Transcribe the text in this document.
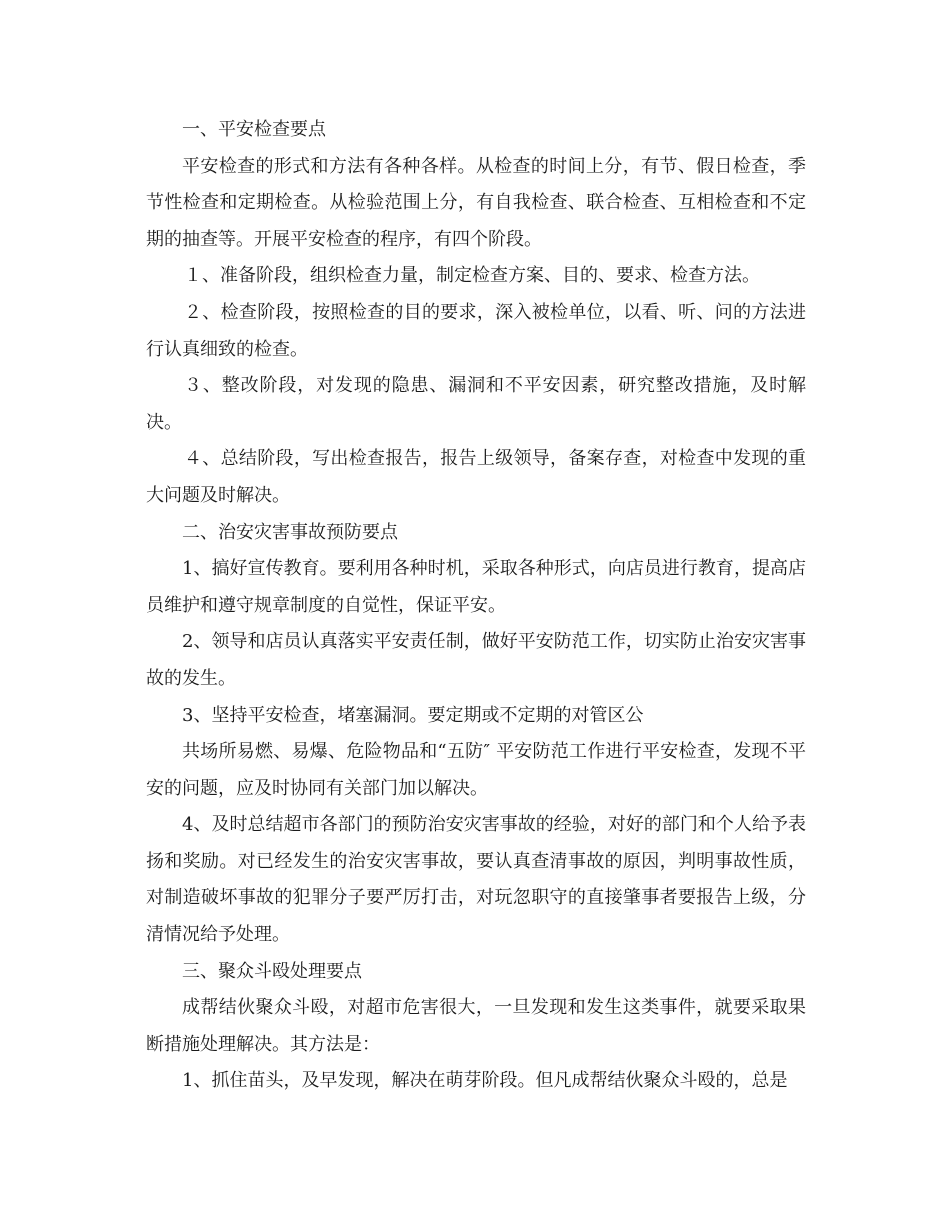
一、平安检查要点

平安检查的形式和方法有各种各样。从检查的时间上分，有节、假日检查，季节性检查和定期检查。从检验范围上分，有自我检查、联合检查、互相检查和不定期的抽查等。开展平安检查的程序，有四个阶段。

１、准备阶段，组织检查力量，制定检查方案、目的、要求、检查方法。

２、检查阶段，按照检查的目的要求，深入被检单位，以看、听、问的方法进行认真细致的检查。

３、整改阶段，对发现的隐患、漏洞和不平安因素，研究整改措施，及时解决。

４、总结阶段，写出检查报告，报告上级领导，备案存查，对检查中发现的重大问题及时解决。

二、治安灾害事故预防要点

1、搞好宣传教育。要利用各种时机，采取各种形式，向店员进行教育，提高店员维护和遵守规章制度的自觉性，保证平安。

2、领导和店员认真落实平安责任制，做好平安防范工作，切实防止治安灾害事故的发生。

3、坚持平安检查，堵塞漏洞。要定期或不定期的对管区公

共场所易燃、易爆、危险物品和“五防″ 平安防范工作进行平安检查，发现不平安的问题，应及时协同有关部门加以解决。

4、及时总结超市各部门的预防治安灾害事故的经验，对好的部门和个人给予表扬和奖励。对已经发生的治安灾害事故，要认真查清事故的原因，判明事故性质，对制造破坏事故的犯罪分子要严厉打击，对玩忽职守的直接肇事者要报告上级，分清情况给予处理。

三、聚众斗殴处理要点

成帮结伙聚众斗殴，对超市危害很大，一旦发现和发生这类事件，就要采取果断措施处理解决。其方法是：

1、抓住苗头，及早发现，解决在萌芽阶段。但凡成帮结伙聚众斗殴的，总是
